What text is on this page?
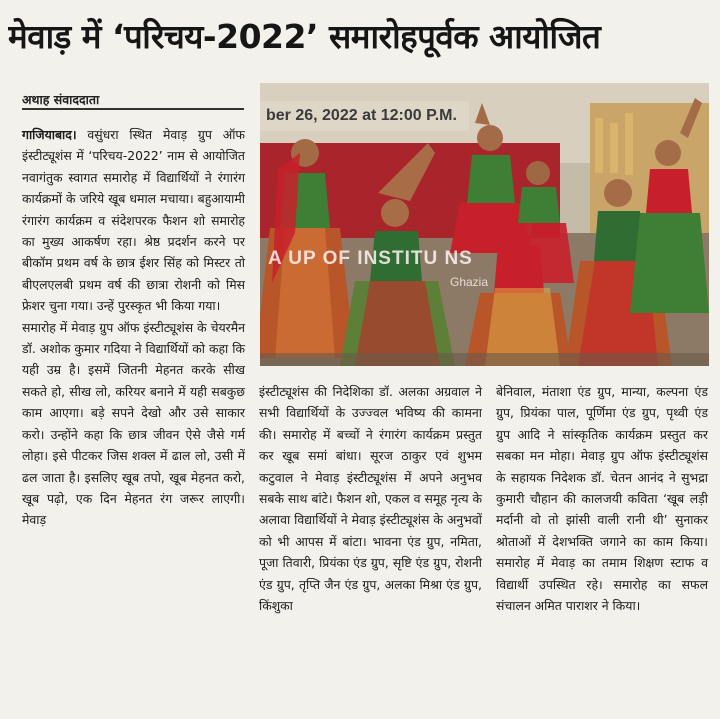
मेवाड़ में ‘परिचय-2022’ समारोहपूर्वक आयोजित
अथाह संवाददाता
ber 26, 2022 at 12:00 P.M.
A UP OF INSTITU NS
Ghazia

गाजियाबाद। वसुंधरा स्थित मेवाड़ ग्रुप ऑफ इंस्टीट्यूशंस में ‘परिचय-2022’ नाम से आयोजित नवागंतुक स्वागत समारोह में विद्यार्थियों ने रंगारंग कार्यक्रमों के जरिये खूब धमाल मचाया। बहुआयामी रंगारंग कार्यक्रम व संदेशपरक फैशन शो समारोह का मुख्य आकर्षण रहा। श्रेष्ठ प्रदर्शन करने पर बीकॉम प्रथम वर्ष के छात्र ईशर सिंह को मिस्टर तो बीएलएलबी प्रथम वर्ष की छात्रा रोशनी को मिस फ्रेशर चुना गया। उन्हें पुरस्कृत भी किया गया।

समारोह में मेवाड़ ग्रुप ऑफ इंस्टीट्यूशंस के चेयरमैन डॉ. अशोक कुमार गदिया ने विद्यार्थियों को कहा कि यही उम्र है। इसमें जितनी मेहनत करके सीख सकते हो, सीख लो, करियर बनाने में यही सबकुछ काम आएगा। बड़े सपने देखो और उसे साकार करो। उन्होंने कहा कि छात्र जीवन ऐसे जैसे गर्म लोहा। इसे पीटकर जिस शक्ल में ढाल लो, उसी में ढल जाता है। इसलिए खूब तपो, खूब मेहनत करो, खूब पढ़ो, एक दिन मेहनत रंग जरूर लाएगी। मेवाड़

इंस्टीट्यूशंस की निदेशिका डॉ. अलका अग्रवाल ने सभी विद्यार्थियों के उज्ज्वल भविष्य की कामना की। समारोह में बच्चों ने रंगारंग कार्यक्रम प्रस्तुत कर खूब समां बांधा। सूरज ठाकुर एवं शुभम कटुवाल ने मेवाड़ इंस्टीट्यूशंस में अपने अनुभव सबके साथ बांटे। फैशन शो, एकल व समूह नृत्य के अलावा विद्यार्थियों ने मेवाड़ इंस्टीट्यूशंस के अनुभवों को भी आपस में बांटा। भावना एंड ग्रुप, नमिता, पूजा तिवारी, प्रियंका एंड ग्रुप, सृष्टि एंड ग्रुप, रोशनी एंड ग्रुप, तृप्ति जैन एंड ग्रुप, अलका मिश्रा एंड ग्रुप, किंशुका

बेनिवाल, मंताशा एंड ग्रुप, मान्या, कल्पना एंड ग्रुप, प्रियंका पाल, पूर्णिमा एंड ग्रुप, पृथ्वी एंड ग्रुप आदि ने सांस्कृतिक कार्यक्रम प्रस्तुत कर सबका मन मोहा। मेवाड़ ग्रुप ऑफ इंस्टीट्यूशंस के सहायक निदेशक डॉ. चेतन आनंद ने सुभद्रा कुमारी चौहान की कालजयी कविता ‘खूब लड़ी मर्दानी वो तो झांसी वाली रानी थी’ सुनाकर श्रोताओं में देशभक्ति जगाने का काम किया। समारोह में मेवाड़ का तमाम शिक्षण स्टाफ व विद्यार्थी उपस्थित रहे। समारोह का सफल संचालन अमित पाराशर ने किया।
